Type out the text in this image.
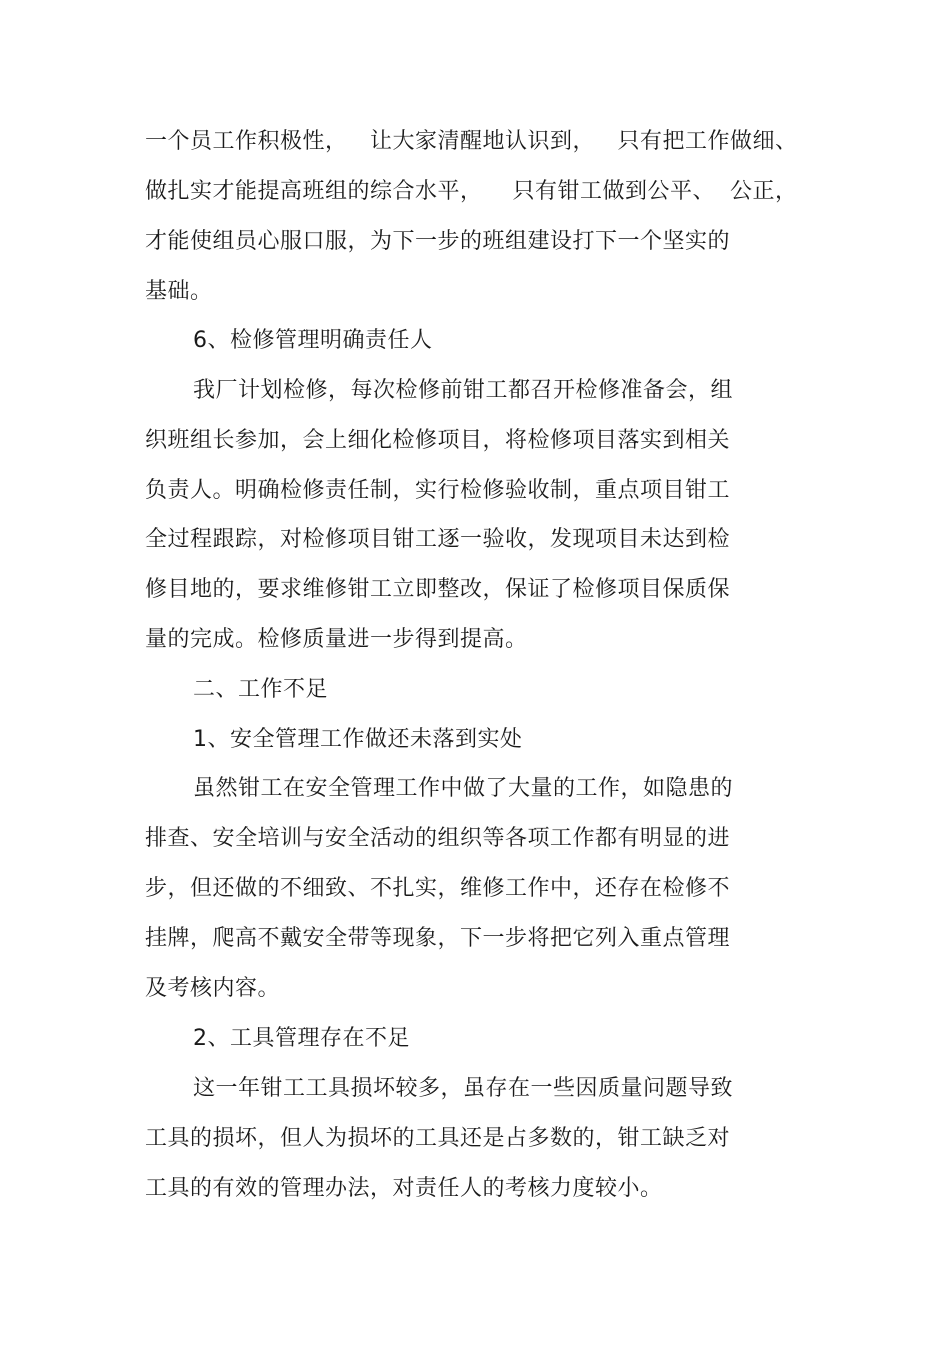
一个员工作积极性，   让大家清醒地认识到，   只有把工作做细、
做扎实才能提高班组的综合水平，    只有钳工做到公平、  公正，
才能使组员心服口服，为下一步的班组建设打下一个坚实的
基础。
6、检修管理明确责任人
我厂计划检修，每次检修前钳工都召开检修准备会，组
织班组长参加，会上细化检修项目，将检修项目落实到相关
负责人。明确检修责任制，实行检修验收制，重点项目钳工
全过程跟踪，对检修项目钳工逐一验收，发现项目未达到检
修目地的，要求维修钳工立即整改，保证了检修项目保质保
量的完成。检修质量进一步得到提高。
二、工作不足
1、安全管理工作做还未落到实处
虽然钳工在安全管理工作中做了大量的工作，如隐患的
排查、安全培训与安全活动的组织等各项工作都有明显的进
步，但还做的不细致、不扎实，维修工作中，还存在检修不
挂牌，爬高不戴安全带等现象，下一步将把它列入重点管理
及考核内容。
2、工具管理存在不足
这一年钳工工具损坏较多，虽存在一些因质量问题导致
工具的损坏，但人为损坏的工具还是占多数的，钳工缺乏对
工具的有效的管理办法，对责任人的考核力度较小。
